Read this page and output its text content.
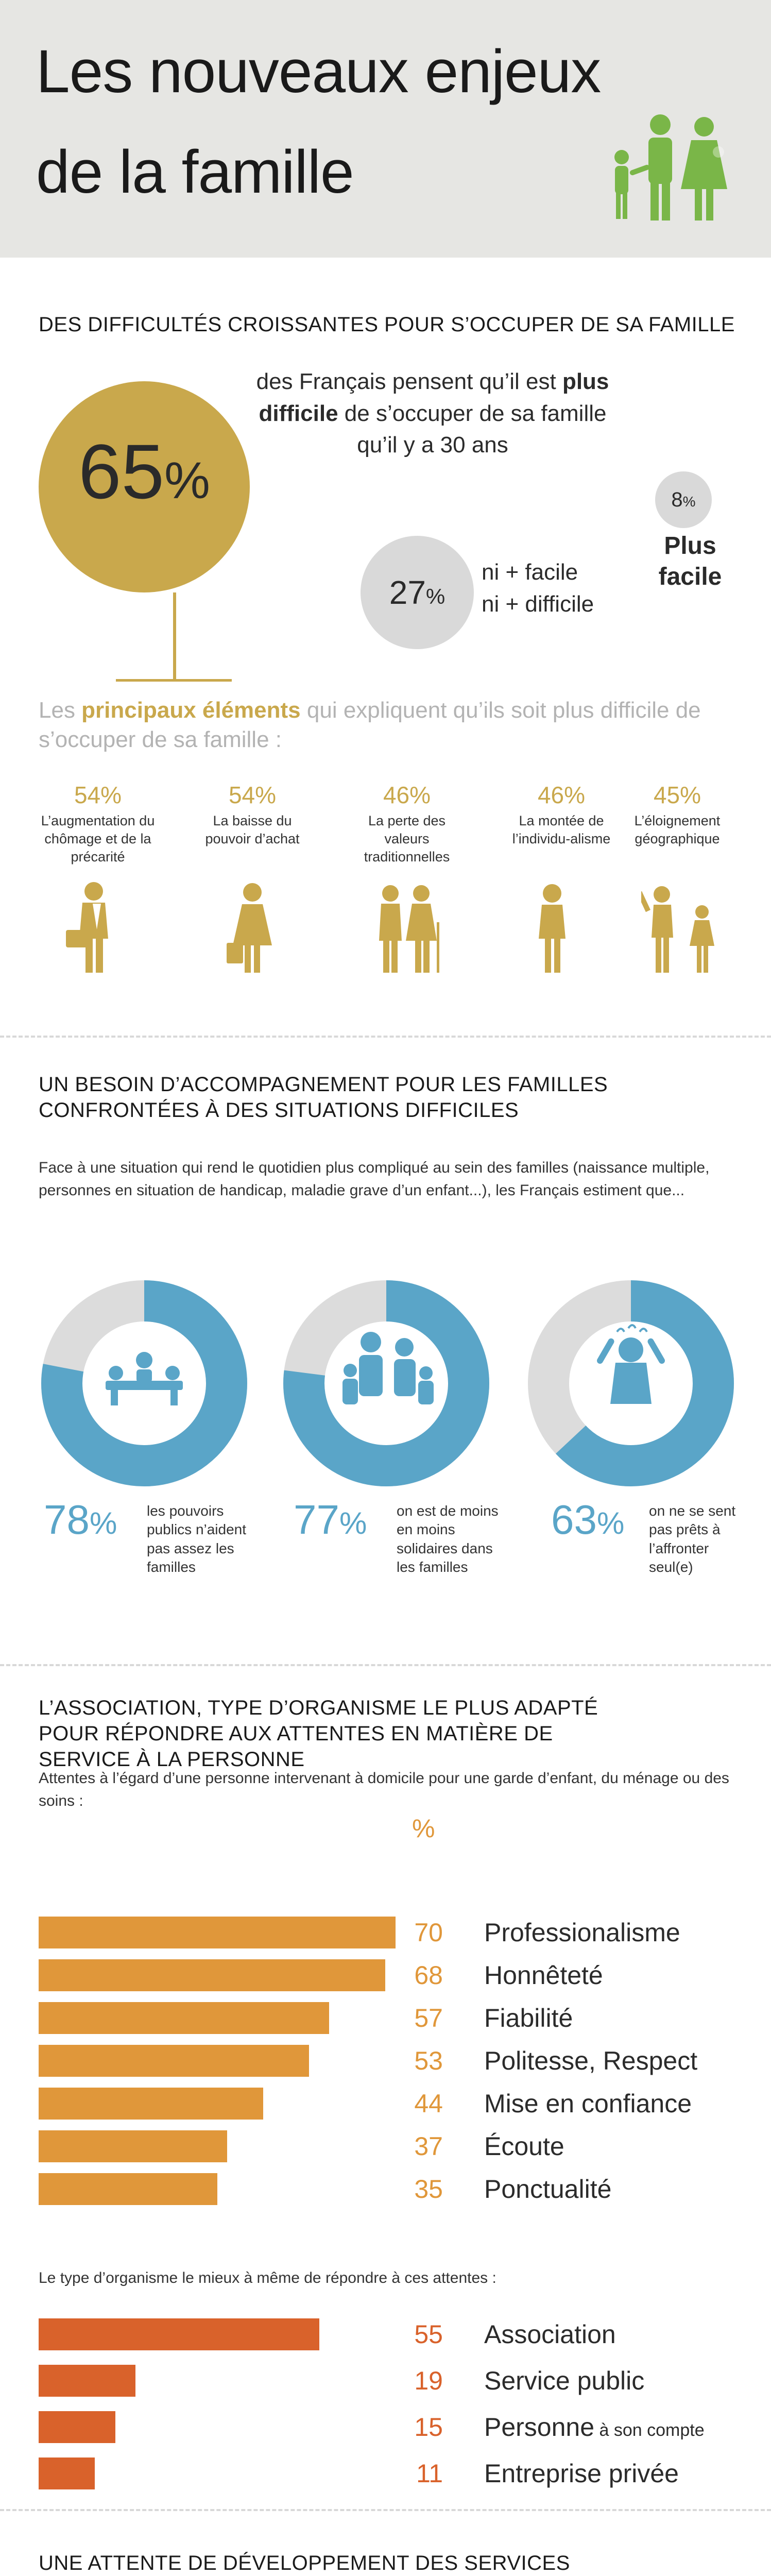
Les nouveaux enjeux
de la famille
DES DIFFICULTÉS CROISSANTES POUR S’OCCUPER DE SA FAMILLE
65%
des Français pensent qu’il est plus difficile de s’occuper de sa famille qu’il y a 30 ans
27%
ni + facile
ni + difficile
8%
Plus facile
Les principaux éléments qui expliquent qu’ils soit plus difficile de s’occuper de sa famille :
54%
L’augmentation du chômage et de la précarité
54%
La baisse du pouvoir d’achat
46%
La perte des valeurs traditionnelles
46%
La montée de l’individu-alisme
45%
L’éloignement géographique
UN BESOIN D’ACCOMPAGNEMENT POUR LES FAMILLES
CONFRONTÉES À DES SITUATIONS DIFFICILES
Face à une situation qui rend le quotidien plus compliqué au sein des familles (naissance multiple, personnes en situation de handicap, maladie grave d’un enfant...), les Français estiment que...
78% les pouvoirs publics n’aident pas assez les familles
77% on est de moins en moins solidaires dans les familles
63% on ne se sent pas prêts à l’affronter seul(e)
L’ASSOCIATION, TYPE D’ORGANISME LE PLUS ADAPTÉ
POUR RÉPONDRE AUX ATTENTES EN MATIÈRE DE
SERVICE À LA PERSONNE
Attentes à l’égard d’une personne intervenant à domicile pour une garde d’enfant, du ménage ou des soins :
%
70 Professionalisme
68 Honnêteté
57 Fiabilité
53 Politesse, Respect
44 Mise en confiance
37 Écoute
35 Ponctualité
Le type d’organisme le mieux à même de répondre à ces attentes :
55 Association
19 Service public
15 Personne à son compte
11 Entreprise privée
UNE ATTENTE DE DÉVELOPPEMENT DES SERVICES
